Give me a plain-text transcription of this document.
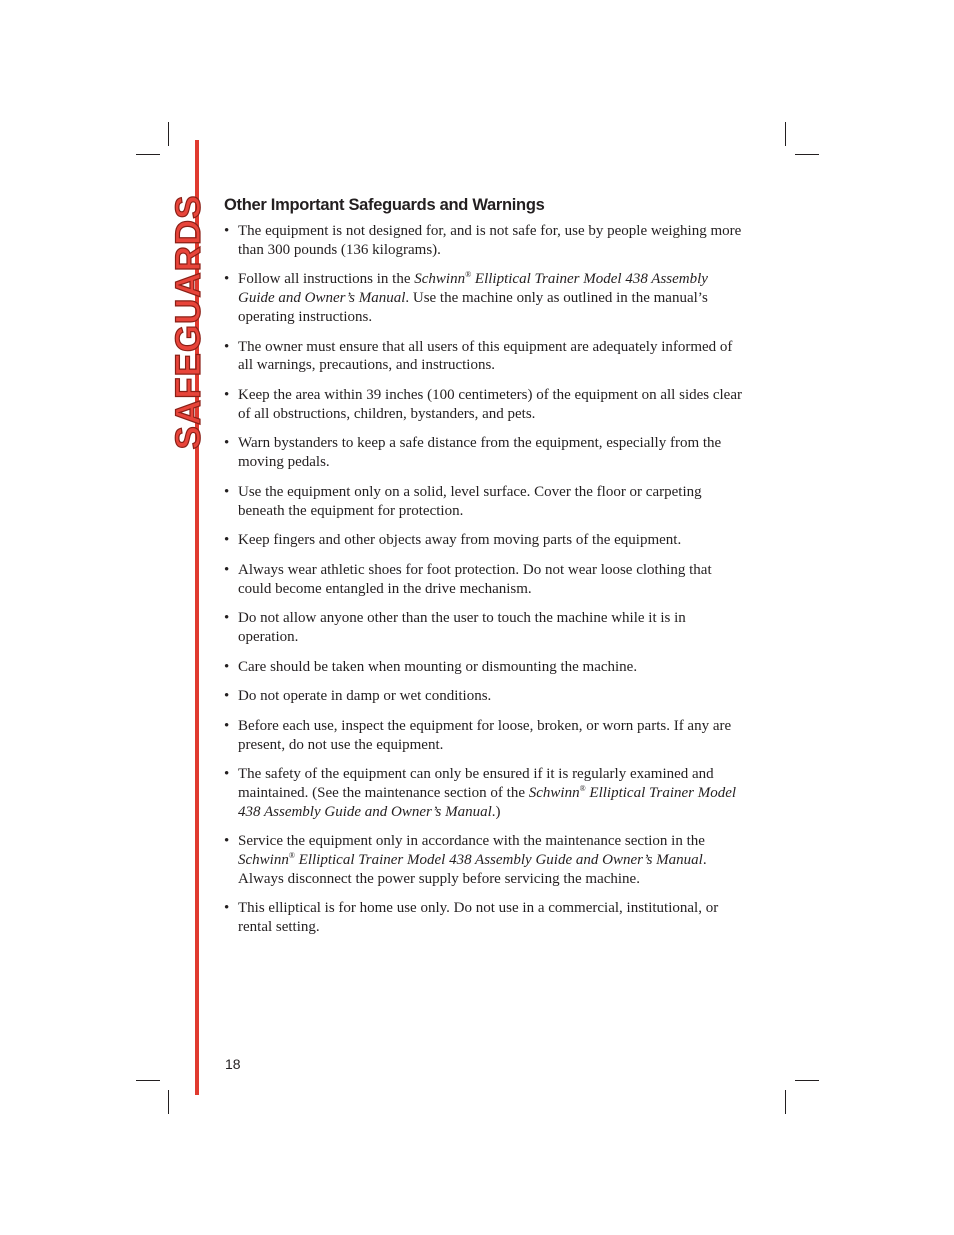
SAFEGUARDS Other Important Safeguards and Warnings
• The equipment is not designed for, and is not safe for, use by people weighing more than 300 pounds (136 kilograms).
• Follow all instructions in the Schwinn® Elliptical Trainer Model 438 Assembly Guide and Owner’s Manual. Use the machine only as outlined in the manual’s operating instructions.
• The owner must ensure that all users of this equipment are adequately informed of all warnings, precautions, and instructions.
• Keep the area within 39 inches (100 centimeters) of the equipment on all sides clear of all obstructions, children, bystanders, and pets.
• Warn bystanders to keep a safe distance from the equipment, especially from the moving pedals.
• Use the equipment only on a solid, level surface. Cover the floor or carpeting beneath the equipment for protection.
• Keep fingers and other objects away from moving parts of the equipment.
• Always wear athletic shoes for foot protection. Do not wear loose clothing that could become entangled in the drive mechanism.
• Do not allow anyone other than the user to touch the machine while it is in operation.
• Care should be taken when mounting or dismounting the machine.
• Do not operate in damp or wet conditions.
• Before each use, inspect the equipment for loose, broken, or worn parts. If any are present, do not use the equipment.
• The safety of the equipment can only be ensured if it is regularly examined and maintained. (See the maintenance section of the Schwinn® Elliptical Trainer Model 438 Assembly Guide and Owner’s Manual.)
• Service the equipment only in accordance with the maintenance section in the Schwinn® Elliptical Trainer Model 438 Assembly Guide and Owner’s Manual. Always disconnect the power supply before servicing the machine.
• This elliptical is for home use only. Do not use in a commercial, institutional, or rental setting.
18
